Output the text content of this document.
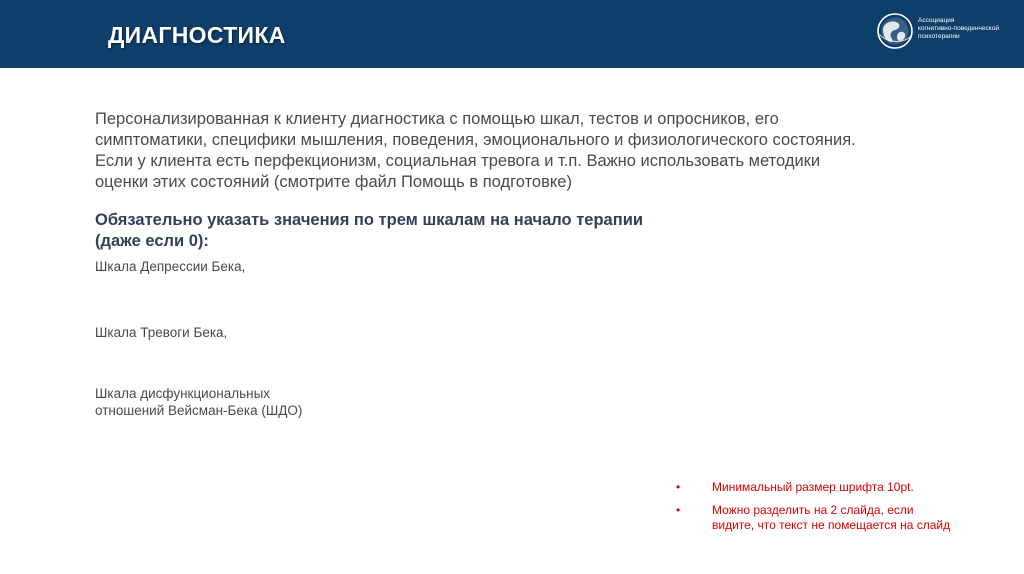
ДИАГНОСТИКА
Ассоциация
когнитивно-поведенческой
психотерапии

Персонализированная к клиенту диагностика с помощью шкал, тестов и опросников, его

симптоматики, специфики мышления, поведения, эмоционального и физиологического состояния.

Если у клиента есть перфекционизм, социальная тревога и т.п. Важно использовать методики

оценки этих состояний (смотрите файл Помощь в подготовке)

Обязательно указать значения по трем шкалам на начало терапии

(даже если 0):

Шкала Депрессии Бека,

Шкала Тревоги Бека,

Шкала дисфункциональных

отношений Вейсман-Бека (ШДО)

•	Минимальный размер шрифта 10pt.

•	Можно разделить на 2 слайда, если

видите, что текст не помещается на слайд
